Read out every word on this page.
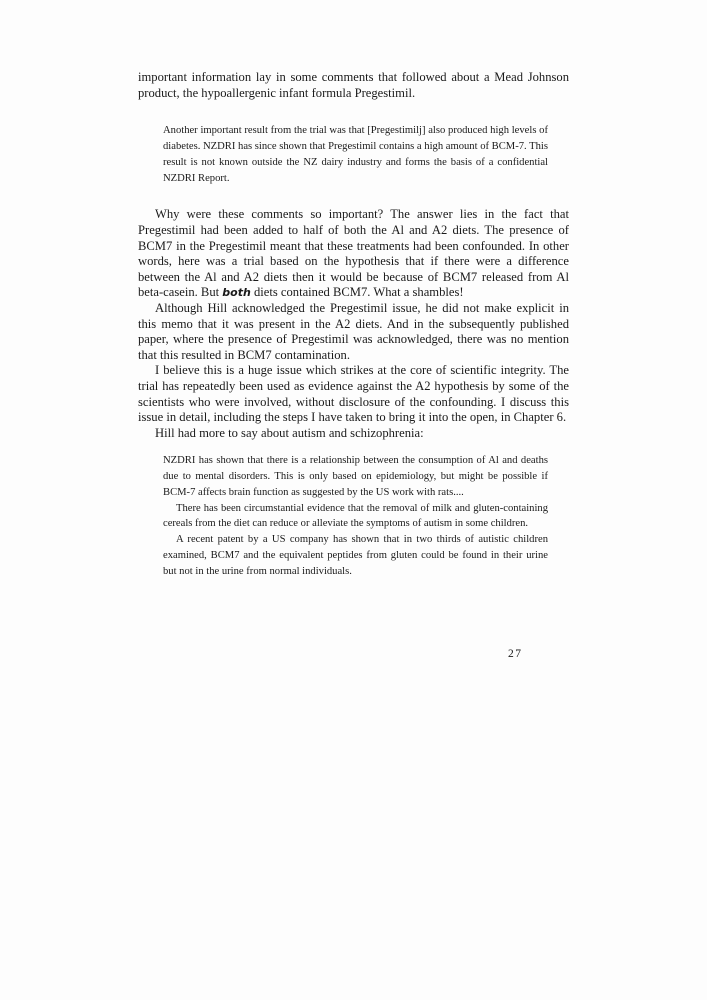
important information lay in some comments that followed about a Mead Johnson product, the hypoallergenic infant formula Pregestimil.

Another important result from the trial was that [Pregestimilj] also produced high levels of diabetes. NZDRI has since shown that Pregestimil contains a high amount of BCM-7. This result is not known outside the NZ dairy industry and forms the basis of a confidential NZDRI Report.

Why were these comments so important? The answer lies in the fact that Pregestimil had been added to half of both the Al and A2 diets. The presence of BCM7 in the Pregestimil meant that these treatments had been confounded. In other words, here was a trial based on the hypothesis that if there were a difference between the Al and A2 diets then it would be because of BCM7 released from Al beta-casein. But both diets contained BCM7. What a shambles!

Although Hill acknowledged the Pregestimil issue, he did not make explicit in this memo that it was present in the A2 diets. And in the subsequently published paper, where the presence of Pregestimil was acknowledged, there was no mention that this resulted in BCM7 contamination.

I believe this is a huge issue which strikes at the core of scientific integrity. The trial has repeatedly been used as evidence against the A2 hypothesis by some of the scientists who were involved, without disclosure of the confounding. I discuss this issue in detail, including the steps I have taken to bring it into the open, in Chapter 6.

Hill had more to say about autism and schizophrenia:

NZDRI has shown that there is a relationship between the consumption of Al and deaths due to mental disorders. This is only based on epidemiology, but might be possible if BCM-7 affects brain function as suggested by the US work with rats....

There has been circumstantial evidence that the removal of milk and gluten-containing cereals from the diet can reduce or alleviate the symptoms of autism in some children.

A recent patent by a US company has shown that in two thirds of autistic children examined, BCM7 and the equivalent peptides from gluten could be found in their urine but not in the urine from normal individuals.

27
